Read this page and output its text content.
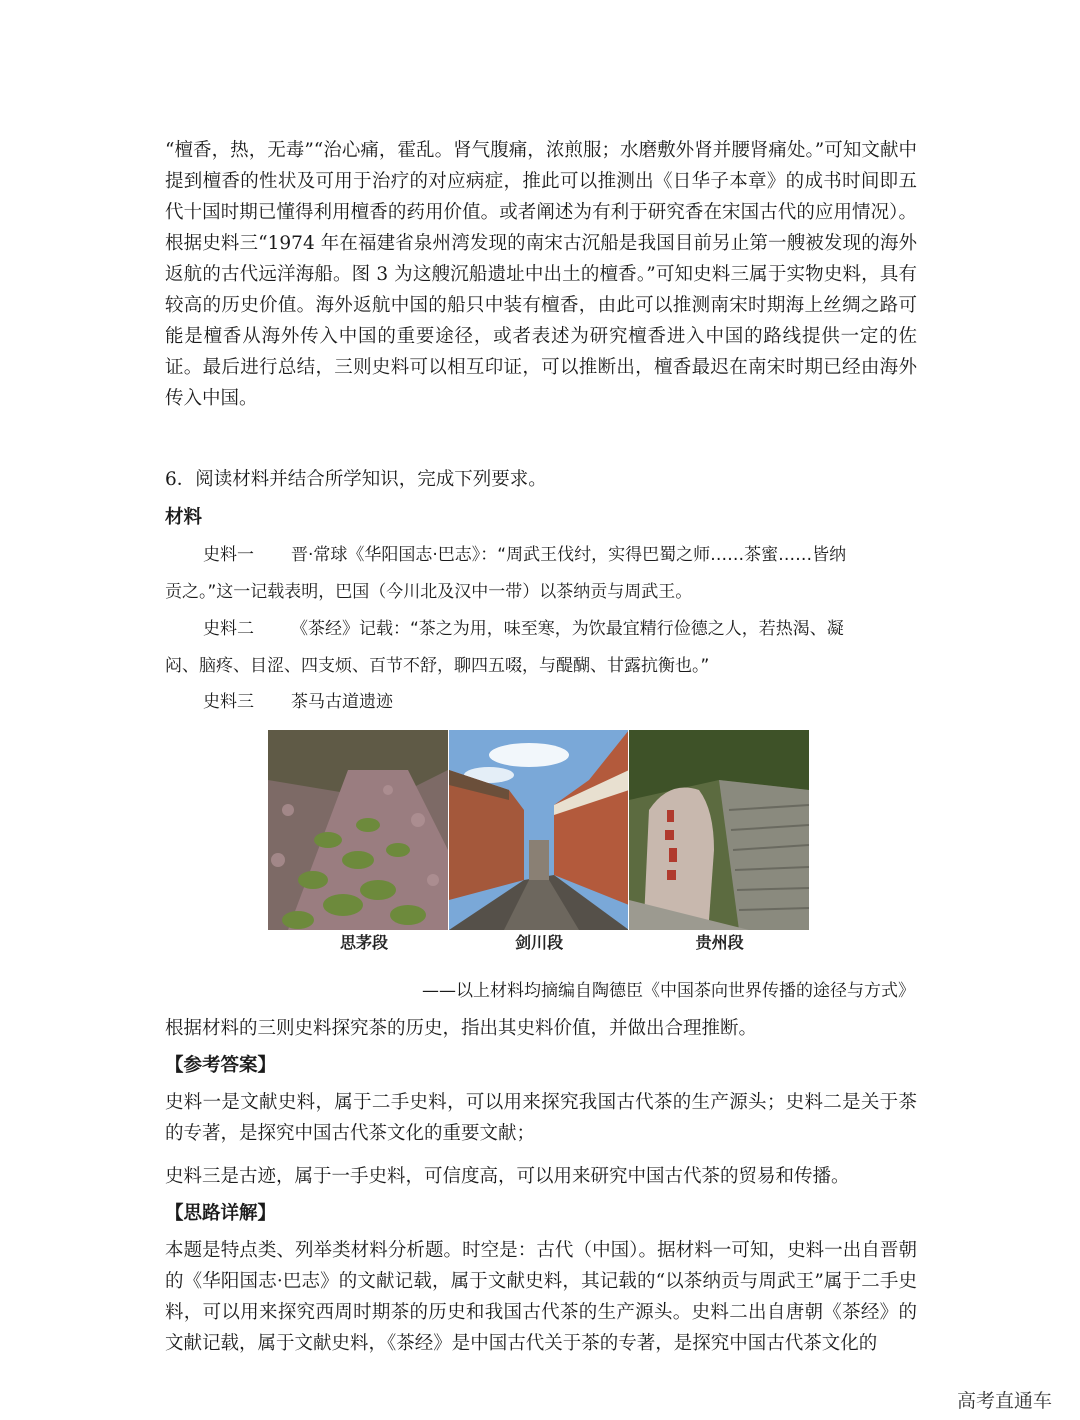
“檀香，热，无毒”“治心痛，霍乱。肾气腹痛，浓煎服；水磨敷外肾并腰肾痛处。”可知文献中提到檀香的性状及可用于治疗的对应病症，推此可以推测出《日华子本章》的成书时间即五代十国时期已懂得利用檀香的药用价值。或者阐述为有利于研究香在宋国古代的应用情况）。根据史料三“1974 年在福建省泉州湾发现的南宋古沉船是我国目前另止第一艘被发现的海外返航的古代远洋海船。图 3 为这艘沉船遗址中出土的檀香。”可知史料三属于实物史料，具有较高的历史价值。海外返航中国的船只中装有檀香，由此可以推测南宋时期海上丝绸之路可能是檀香从海外传入中国的重要途径，或者表述为研究檀香进入中国的路线提供一定的佐证。最后进行总结，三则史料可以相互印证，可以推断出，檀香最迟在南宋时期已经由海外传入中国。

6．阅读材料并结合所学知识，完成下列要求。
材料
史料一 晋·常球《华阳国志·巴志》：“周武王伐纣，实得巴蜀之师……茶蜜……皆纳
贡之。”这一记载表明，巴国（今川北及汉中一带）以茶纳贡与周武王。
史料二 《茶经》记载：“茶之为用，味至寒，为饮最宜精行俭德之人，若热渴、凝
闷、脑疼、目涩、四支烦、百节不舒，聊四五啜，与醍醐、甘露抗衡也。”
史料三 茶马古道遗迹
思茅段	剑川段	贵州段
——以上材料均摘编自陶德臣《中国茶向世界传播的途径与方式》
根据材料的三则史料探究茶的历史，指出其史料价值，并做出合理推断。
【参考答案】

史料一是文献史料，属于二手史料，可以用来探究我国古代茶的生产源头；史料二是关于茶的专著，是探究中国古代茶文化的重要文献；

史料三是古迹，属于一手史料，可信度高，可以用来研究中国古代茶的贸易和传播。
【思路详解】

本题是特点类、列举类材料分析题。时空是：古代（中国）。据材料一可知，史料一出自晋朝的《华阳国志·巴志》的文献记载，属于文献史料，其记载的“以茶纳贡与周武王”属于二手史料，可以用来探究西周时期茶的历史和我国古代茶的生产源头。史料二出自唐朝《茶经》的文献记载，属于文献史料，《茶经》是中国古代关于茶的专著，是探究中国古代茶文化的

高考直通车
